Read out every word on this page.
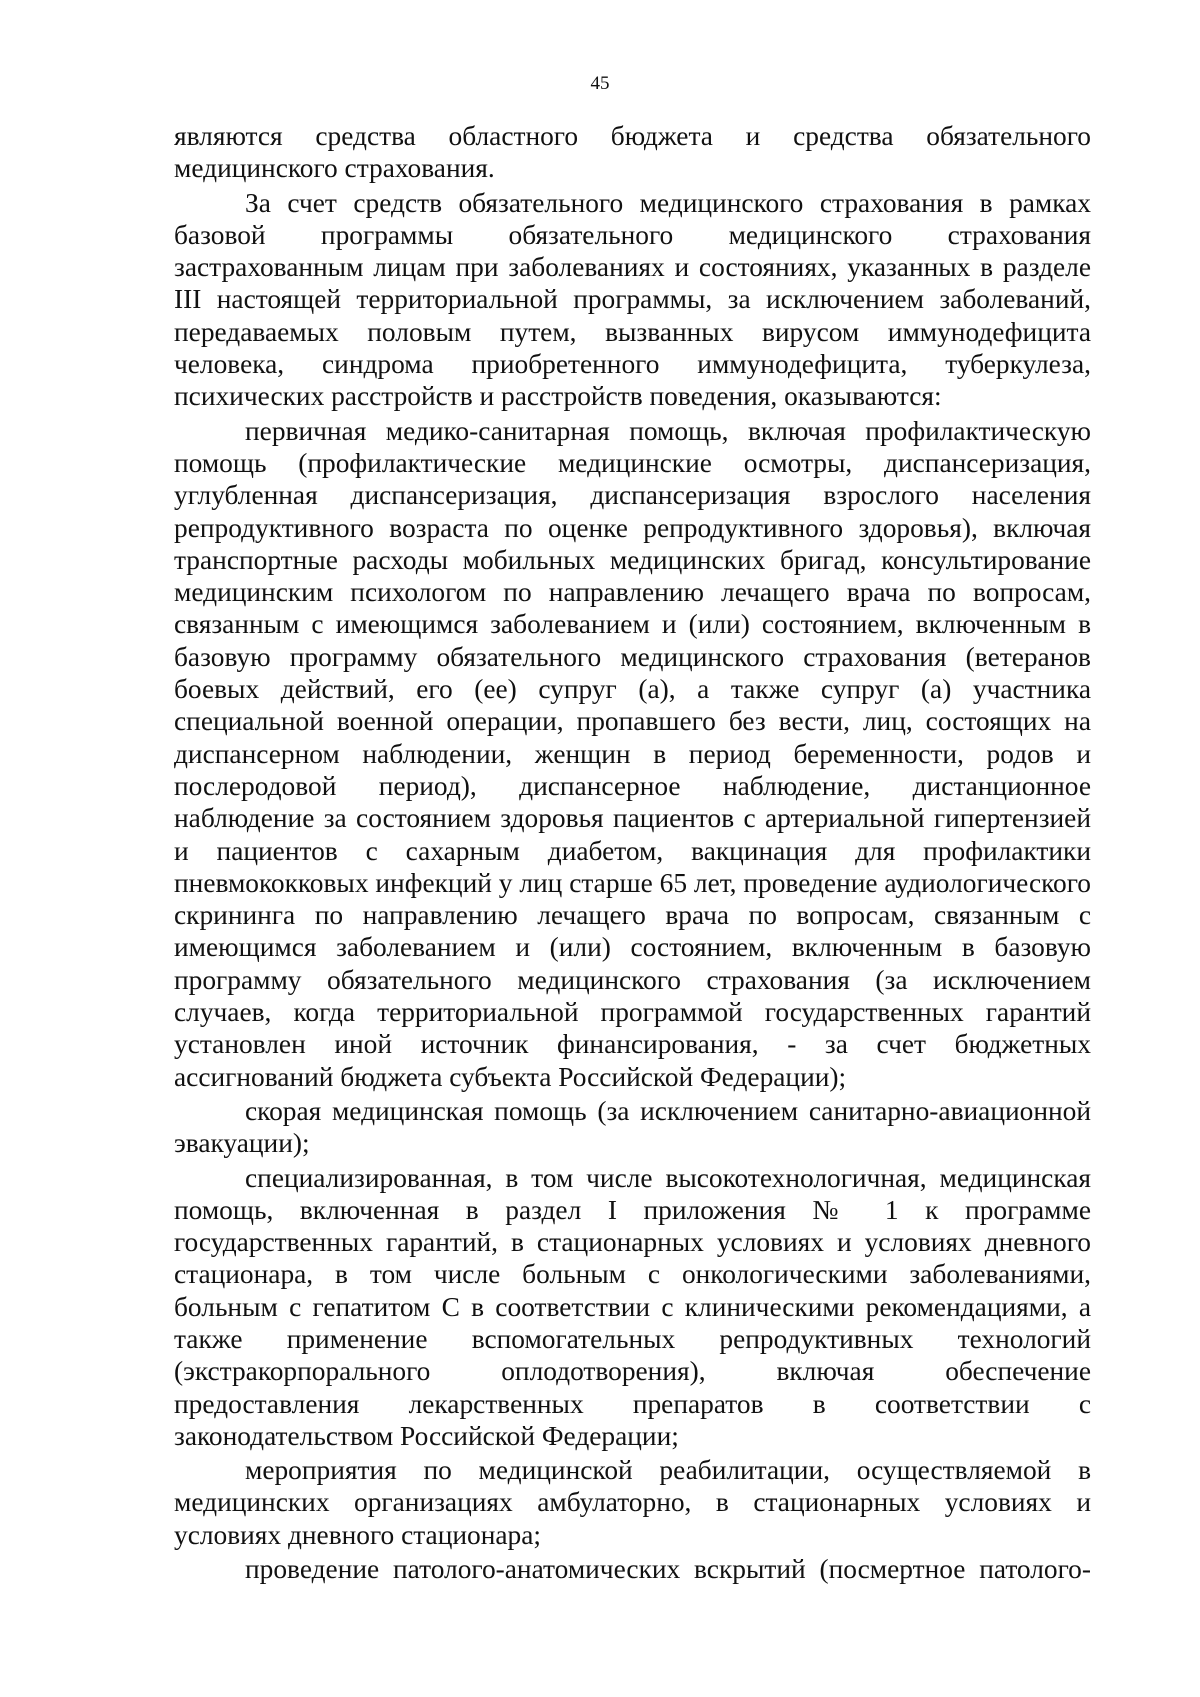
45

являются средства областного бюджета и средства обязательного медицинского страхования.

За счет средств обязательного медицинского страхования в рамках базовой программы обязательного медицинского страхования застрахованным лицам при заболеваниях и состояниях, указанных в разделе III настоящей территориальной программы, за исключением заболеваний, передаваемых половым путем, вызванных вирусом иммунодефицита человека, синдрома приобретенного иммунодефицита, туберкулеза, психических расстройств и расстройств поведения, оказываются:

первичная медико-санитарная помощь, включая профилактическую помощь (профилактические медицинские осмотры, диспансеризация, углубленная диспансеризация, диспансеризация взрослого населения репродуктивного возраста по оценке репродуктивного здоровья), включая транспортные расходы мобильных медицинских бригад, консультирование медицинским психологом по направлению лечащего врача по вопросам, связанным с имеющимся заболеванием и (или) состоянием, включенным в базовую программу обязательного медицинского страхования (ветеранов боевых действий, его (ее) супруг (а), а также супруг (а) участника специальной военной операции, пропавшего без вести, лиц, состоящих на диспансерном наблюдении, женщин в период беременности, родов и послеродовой период), диспансерное наблюдение, дистанционное наблюдение за состоянием здоровья пациентов с артериальной гипертензией и пациентов с сахарным диабетом, вакцинация для профилактики пневмококковых инфекций у лиц старше 65 лет, проведение аудиологического скрининга по направлению лечащего врача по вопросам, связанным с имеющимся заболеванием и (или) состоянием, включенным в базовую программу обязательного медицинского страхования (за исключением случаев, когда территориальной программой государственных гарантий установлен иной источник финансирования, - за счет бюджетных ассигнований бюджета субъекта Российской Федерации);

скорая медицинская помощь (за исключением санитарно-авиационной эвакуации);

специализированная, в том числе высокотехнологичная, медицинская помощь, включенная в раздел I приложения № 1 к программе государственных гарантий, в стационарных условиях и условиях дневного стационара, в том числе больным с онкологическими заболеваниями, больным с гепатитом С в соответствии с клиническими рекомендациями, а также применение вспомогательных репродуктивных технологий (экстракорпорального оплодотворения), включая обеспечение предоставления лекарственных препаратов в соответствии с законодательством Российской Федерации;

мероприятия по медицинской реабилитации, осуществляемой в медицинских организациях амбулаторно, в стационарных условиях и условиях дневного стационара;

проведение патолого-анатомических вскрытий (посмертное патолого-
